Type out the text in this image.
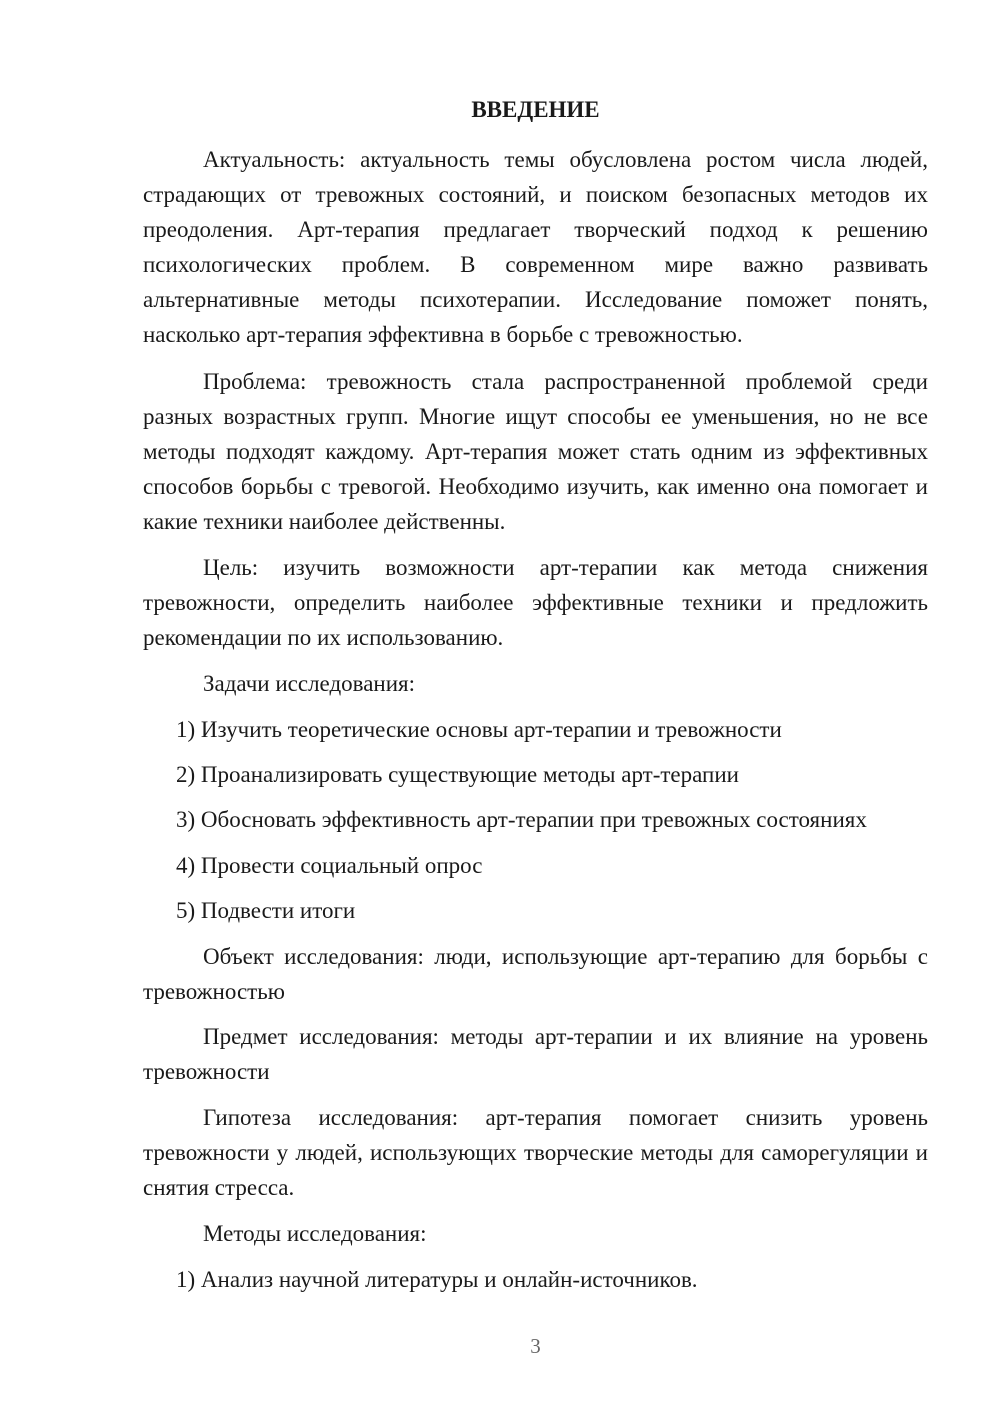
ВВЕДЕНИЕ

Актуальность: актуальность темы обусловлена ростом числа людей, страдающих от тревожных состояний, и поиском безопасных методов их преодоления. Арт-терапия предлагает творческий подход к решению психологических проблем. В современном мире важно развивать альтернативные методы психотерапии. Исследование поможет понять, насколько арт-терапия эффективна в борьбе с тревожностью.

Проблема: тревожность стала распространенной проблемой среди разных возрастных групп. Многие ищут способы ее уменьшения, но не все методы подходят каждому. Арт-терапия может стать одним из эффективных способов борьбы с тревогой. Необходимо изучить, как именно она помогает и какие техники наиболее действенны.

Цель: изучить возможности арт-терапии как метода снижения тревожности, определить наиболее эффективные техники и предложить рекомендации по их использованию.

Задачи исследования:

1) Изучить теоретические основы арт-терапии и тревожности

2) Проанализировать существующие методы арт-терапии

3) Обосновать эффективность арт-терапии при тревожных состояниях

4) Провести социальный опрос

5) Подвести итоги

Объект исследования: люди, использующие арт-терапию для борьбы с тревожностью

Предмет исследования: методы арт-терапии и их влияние на уровень тревожности

Гипотеза исследования: арт-терапия помогает снизить уровень тревожности у людей, использующих творческие методы для саморегуляции и снятия стресса.

Методы исследования:

1) Анализ научной литературы и онлайн-источников.

3
